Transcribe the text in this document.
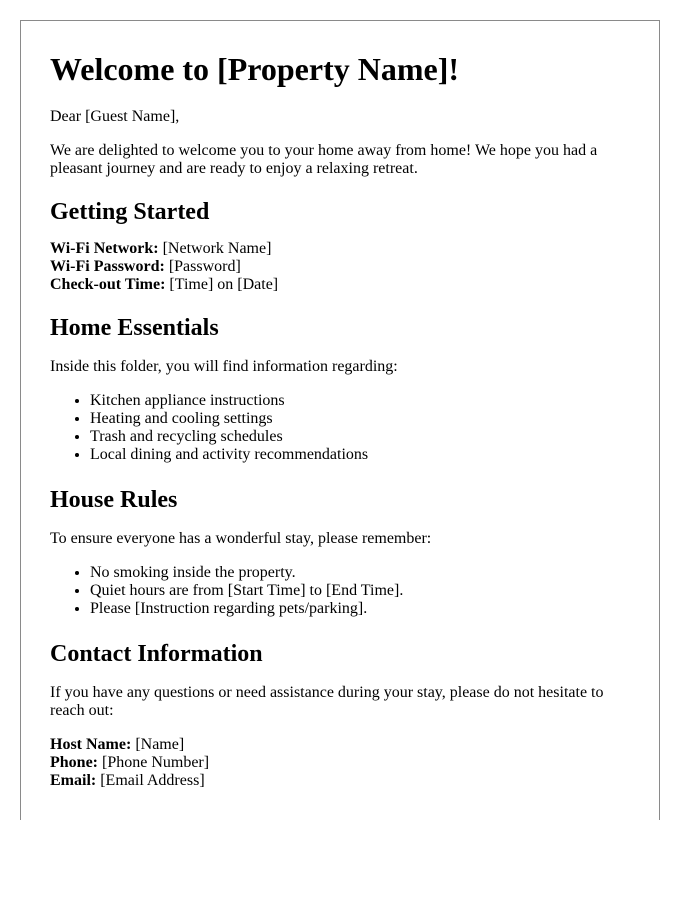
Welcome to [Property Name]!

Dear [Guest Name],

We are delighted to welcome you to your home away from home! We hope you had a pleasant journey and are ready to enjoy a relaxing retreat.

Getting Started
Wi-Fi Network: [Network Name]
Wi-Fi Password: [Password]
Check-out Time: [Time] on [Date]
Home Essentials

Inside this folder, you will find information regarding:

• Kitchen appliance instructions
• Heating and cooling settings
• Trash and recycling schedules
• Local dining and activity recommendations
House Rules

To ensure everyone has a wonderful stay, please remember:

• No smoking inside the property.
• Quiet hours are from [Start Time] to [End Time].
• Please [Instruction regarding pets/parking].
Contact Information

If you have any questions or need assistance during your stay, please do not hesitate to reach out:

Host Name: [Name]
Phone: [Phone Number]
Email: [Email Address]
